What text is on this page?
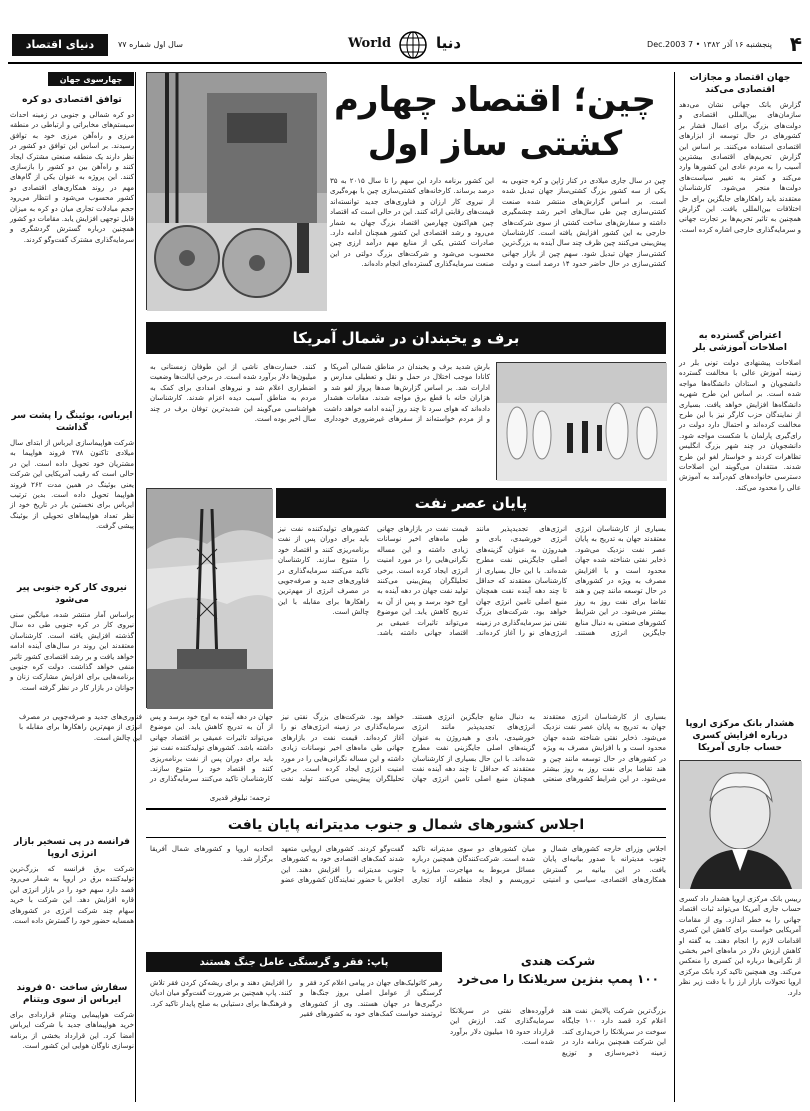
۴
پنجشنبه ۱۶ آذر ۱۳۸۲ • 7 Dec.2003
دنیا
World
سال اول شماره ۷۷
دنیای اقتصاد
چهارسوی جهان
توافق اقتصادی دو کره
دو کره شمالی و جنوبی در زمینه احداث سیستم‌های مخابراتی و ارتباطی در منطقه مرزی و راه‌آهن مرزی خود به توافق رسیدند. بر اساس این توافق دو کشور در نظر دارند یک منطقه صنعتی مشترک ایجاد کنند و راه‌آهن بین دو کشور را بازسازی کنند. این پروژه به عنوان یکی از گام‌های مهم در روند همکاری‌های اقتصادی دو کشور محسوب می‌شود و انتظار می‌رود حجم مبادلات تجاری میان دو کره به میزان قابل توجهی افزایش یابد. مقامات دو کشور همچنین درباره گسترش گردشگری و سرمایه‌گذاری مشترک گفت‌وگو کردند.
ایرباس، بوئینگ را پشت سر گذاشت
شرکت هواپیماسازی ایرباس از ابتدای سال میلادی تاکنون ۲۷۸ فروند هواپیما به مشتریان خود تحویل داده است. این در حالی است که رقیب آمریکایی این شرکت یعنی بوئینگ در همین مدت ۲۶۲ فروند هواپیما تحویل داده است. بدین ترتیب ایرباس برای نخستین بار در تاریخ خود از نظر تعداد هواپیماهای تحویلی از بوئینگ پیشی گرفت.
نیروی کار کره جنوبی پیر می‌شود
براساس آمار منتشر شده، میانگین سنی نیروی کار در کره جنوبی طی ده سال گذشته افزایش یافته است. کارشناسان معتقدند این روند در سال‌های آینده ادامه خواهد یافت و بر رشد اقتصادی کشور تاثیر منفی خواهد گذاشت. دولت کره جنوبی برنامه‌هایی برای افزایش مشارکت زنان و جوانان در بازار کار در نظر گرفته است.
فرانسه در پی تسخیر بازار انرژی اروپا
شرکت برق فرانسه که بزرگ‌ترین تولیدکننده برق در اروپا به شمار می‌رود قصد دارد سهم خود را در بازار انرژی این قاره افزایش دهد. این شرکت با خرید سهام چند شرکت انرژی در کشورهای همسایه حضور خود را گسترش داده است.
سفارش ساخت ۵۰ فروند ایرباس از سوی ویتنام
شرکت هواپیمایی ویتنام قراردادی برای خرید هواپیماهای جدید با شرکت ایرباس امضا کرد. این قرارداد بخشی از برنامه نوسازی ناوگان هوایی این کشور است.
چین؛ اقتصاد چهارم
کشتی ساز اول
چین در سال جاری میلادی در کنار ژاپن و کره جنوبی به یکی از سه کشور بزرگ کشتی‌ساز جهان تبدیل شده است. بر اساس گزارش‌های منتشر شده صنعت کشتی‌سازی چین طی سال‌های اخیر رشد چشمگیری داشته و سفارش‌های ساخت کشتی از سوی شرکت‌های خارجی به این کشور افزایش یافته است. کارشناسان پیش‌بینی می‌کنند چین ظرف چند سال آینده به بزرگ‌ترین کشتی‌ساز جهان تبدیل شود. سهم چین از بازار جهانی کشتی‌سازی در حال حاضر حدود ۱۴ درصد است و دولت این کشور برنامه دارد این سهم را تا سال ۲۰۱۵ به ۳۵ درصد برساند. کارخانه‌های کشتی‌سازی چین با بهره‌گیری از نیروی کار ارزان و فناوری‌های جدید توانسته‌اند قیمت‌های رقابتی ارائه کنند. این در حالی است که اقتصاد چین هم‌اکنون چهارمین اقتصاد بزرگ جهان به شمار می‌رود و رشد اقتصادی این کشور همچنان ادامه دارد. صادرات کشتی یکی از منابع مهم درآمد ارزی چین محسوب می‌شود و شرکت‌های بزرگ دولتی در این صنعت سرمایه‌گذاری گسترده‌ای انجام داده‌اند.
برف و یخبندان در شمال آمریکا
بارش شدید برف و یخبندان در مناطق شمالی آمریکا و کانادا موجب اختلال در حمل و نقل و تعطیلی مدارس و ادارات شد. بر اساس گزارش‌ها صدها پرواز لغو شد و هزاران خانه با قطع برق مواجه شدند. مقامات هشدار داده‌اند که هوای سرد تا چند روز آینده ادامه خواهد داشت و از مردم خواسته‌اند از سفرهای غیرضروری خودداری کنند. خسارت‌های ناشی از این طوفان زمستانی به میلیون‌ها دلار برآورد شده است. در برخی ایالت‌ها وضعیت اضطراری اعلام شد و نیروهای امدادی برای کمک به مردم به مناطق آسیب دیده اعزام شدند. کارشناسان هواشناسی می‌گویند این شدیدترین توفان برف در چند سال اخیر بوده است.
پایان عصر نفت
بسیاری از کارشناسان انرژی معتقدند جهان به تدریج به پایان عصر نفت نزدیک می‌شود. ذخایر نفتی شناخته شده جهان محدود است و با افزایش مصرف به ویژه در کشورهای در حال توسعه مانند چین و هند تقاضا برای نفت روز به روز بیشتر می‌شود. در این شرایط کشورهای صنعتی به دنبال منابع جایگزین انرژی هستند. انرژی‌های تجدیدپذیر مانند انرژی خورشیدی، بادی و هیدروژن به عنوان گزینه‌های اصلی جایگزینی نفت مطرح شده‌اند. با این حال بسیاری از کارشناسان معتقدند که حداقل تا چند دهه آینده نفت همچنان منبع اصلی تامین انرژی جهان خواهد بود. شرکت‌های بزرگ نفتی نیز سرمایه‌گذاری در زمینه انرژی‌های نو را آغاز کرده‌اند. قیمت نفت در بازارهای جهانی طی ماه‌های اخیر نوسانات زیادی داشته و این مساله نگرانی‌هایی را در مورد امنیت انرژی ایجاد کرده است. برخی تحلیلگران پیش‌بینی می‌کنند تولید نفت جهان در دهه آینده به اوج خود برسد و پس از آن به تدریج کاهش یابد. این موضوع می‌تواند تاثیرات عمیقی بر اقتصاد جهانی داشته باشد. کشورهای تولیدکننده نفت نیز باید برای دوران پس از نفت برنامه‌ریزی کنند و اقتصاد خود را متنوع سازند. کارشناسان تاکید می‌کنند سرمایه‌گذاری در فناوری‌های جدید و صرفه‌جویی در مصرف انرژی از مهم‌ترین راهکارها برای مقابله با این چالش است.
بسیاری از کارشناسان انرژی معتقدند جهان به تدریج به پایان عصر نفت نزدیک می‌شود. ذخایر نفتی شناخته شده جهان محدود است و با افزایش مصرف به ویژه در کشورهای در حال توسعه مانند چین و هند تقاضا برای نفت روز به روز بیشتر می‌شود. در این شرایط کشورهای صنعتی به دنبال منابع جایگزین انرژی هستند. انرژی‌های تجدیدپذیر مانند انرژی خورشیدی، بادی و هیدروژن به عنوان گزینه‌های اصلی جایگزینی نفت مطرح شده‌اند. با این حال بسیاری از کارشناسان معتقدند که حداقل تا چند دهه آینده نفت همچنان منبع اصلی تامین انرژی جهان خواهد بود. شرکت‌های بزرگ نفتی نیز سرمایه‌گذاری در زمینه انرژی‌های نو را آغاز کرده‌اند. قیمت نفت در بازارهای جهانی طی ماه‌های اخیر نوسانات زیادی داشته و این مساله نگرانی‌هایی را در مورد امنیت انرژی ایجاد کرده است. برخی تحلیلگران پیش‌بینی می‌کنند تولید نفت جهان در دهه آینده به اوج خود برسد و پس از آن به تدریج کاهش یابد. این موضوع می‌تواند تاثیرات عمیقی بر اقتصاد جهانی داشته باشد. کشورهای تولیدکننده نفت نیز باید برای دوران پس از نفت برنامه‌ریزی کنند و اقتصاد خود را متنوع سازند. کارشناسان تاکید می‌کنند سرمایه‌گذاری در فناوری‌های جدید و صرفه‌جویی در مصرف انرژی از مهم‌ترین راهکارها برای مقابله با این چالش است.
ترجمه: نیلوفر قدیری
اجلاس کشورهای شمال و جنوب مدیترانه پایان یافت
اجلاس وزرای خارجه کشورهای شمال و جنوب مدیترانه با صدور بیانیه‌ای پایان یافت. در این بیانیه بر گسترش همکاری‌های اقتصادی، سیاسی و امنیتی میان کشورهای دو سوی مدیترانه تاکید شده است. شرکت‌کنندگان همچنین درباره مسائل مربوط به مهاجرت، مبارزه با تروریسم و ایجاد منطقه آزاد تجاری گفت‌وگو کردند. کشورهای اروپایی متعهد شدند کمک‌های اقتصادی خود به کشورهای جنوب مدیترانه را افزایش دهند. این اجلاس با حضور نمایندگان کشورهای عضو اتحادیه اروپا و کشورهای شمال آفریقا برگزار شد.
پاپ: فقر و گرسنگی عامل جنگ هستند
رهبر کاتولیک‌های جهان در پیامی اعلام کرد فقر و گرسنگی از عوامل اصلی بروز جنگ‌ها و درگیری‌ها در جهان هستند. وی از کشورهای ثروتمند خواست کمک‌های خود به کشورهای فقیر را افزایش دهند و برای ریشه‌کن کردن فقر تلاش کنند. پاپ همچنین بر ضرورت گفت‌وگو میان ادیان و فرهنگ‌ها برای دستیابی به صلح پایدار تاکید کرد.
شرکت هندی
۱۰۰ پمپ بنزین سریلانکا را می‌خرد
بزرگ‌ترین شرکت پالایش نفت هند اعلام کرد قصد دارد ۱۰۰ جایگاه سوخت در سریلانکا را خریداری کند. این شرکت همچنین برنامه دارد در زمینه ذخیره‌سازی و توزیع فرآورده‌های نفتی در سریلانکا سرمایه‌گذاری کند. ارزش این قرارداد حدود ۱۵ میلیون دلار برآورد شده است.
جهان اقتصاد و مجازات اقتصادی می‌کند
گزارش بانک جهانی نشان می‌دهد سازمان‌های بین‌المللی اقتصادی و دولت‌های بزرگ برای اعمال فشار بر کشورهای در حال توسعه از ابزارهای اقتصادی استفاده می‌کنند. بر اساس این گزارش تحریم‌های اقتصادی بیشترین آسیب را به مردم عادی این کشورها وارد می‌کند و کمتر به تغییر سیاست‌های دولت‌ها منجر می‌شود. کارشناسان معتقدند باید راهکارهای جایگزین برای حل اختلافات بین‌المللی یافت. این گزارش همچنین به تاثیر تحریم‌ها بر تجارت جهانی و سرمایه‌گذاری خارجی اشاره کرده است.
اعتراض گسترده به اصلاحات آموزشی بلر
اصلاحات پیشنهادی دولت تونی بلر در زمینه آموزش عالی با مخالفت گسترده دانشجویان و استادان دانشگاه‌ها مواجه شده است. بر اساس این طرح شهریه دانشگاه‌ها افزایش خواهد یافت. بسیاری از نمایندگان حزب کارگر نیز با این طرح مخالفت کرده‌اند و احتمال دارد دولت در رای‌گیری پارلمان با شکست مواجه شود. دانشجویان در چند شهر بزرگ انگلیس تظاهرات کردند و خواستار لغو این طرح شدند. منتقدان می‌گویند این اصلاحات دسترسی خانواده‌های کم‌درآمد به آموزش عالی را محدود می‌کند.
هشدار بانک مرکزی اروپا درباره افزایش کسری حساب جاری آمریکا
رییس بانک مرکزی اروپا هشدار داد کسری حساب جاری آمریکا می‌تواند ثبات اقتصاد جهانی را به خطر اندازد. وی از مقامات آمریکایی خواست برای کاهش این کسری اقدامات لازم را انجام دهند. به گفته او کاهش ارزش دلار در ماه‌های اخیر بخشی از نگرانی‌ها درباره این کسری را منعکس می‌کند. وی همچنین تاکید کرد بانک مرکزی اروپا تحولات بازار ارز را با دقت زیر نظر دارد.
